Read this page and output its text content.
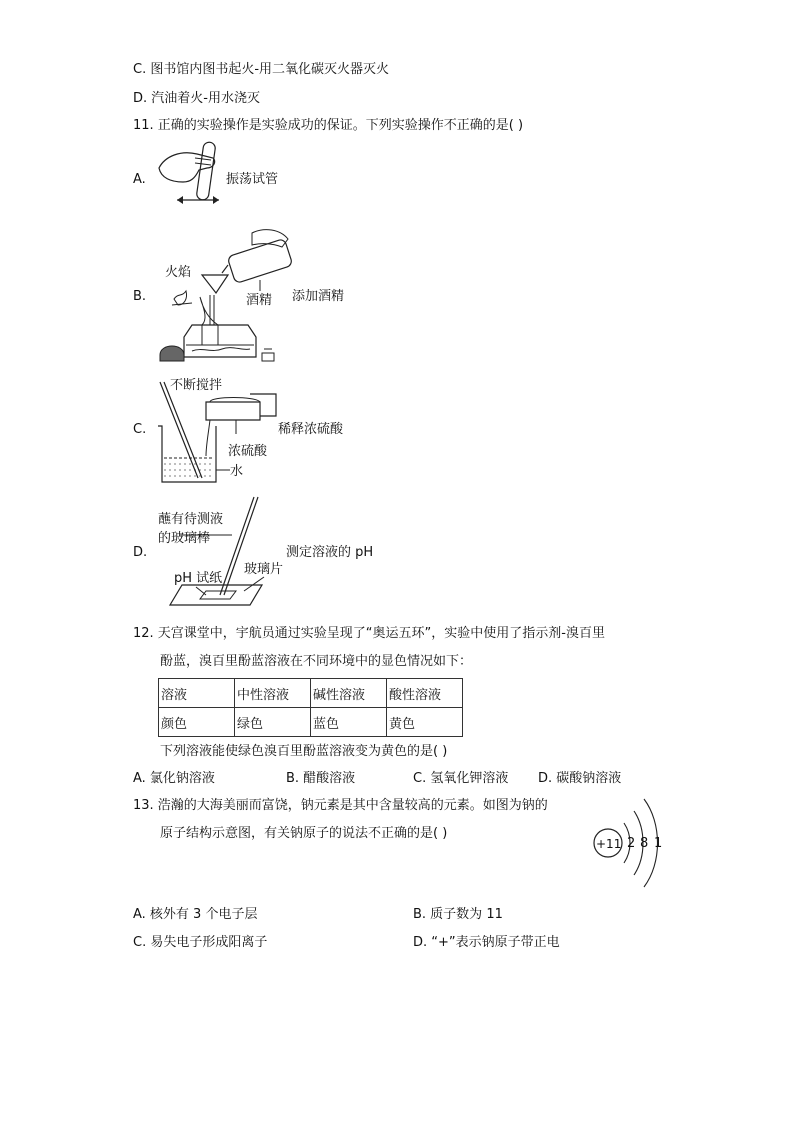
C. 图书馆内图书起火-用二氧化碳灭火器灭火
D. 汽油着火-用水浇灭
11. 正确的实验操作是实验成功的保证。下列实验操作不正确的是( )
A.	振荡试管
B.
火焰
酒精 添加酒精
C.
不断搅拌
稀释浓硫酸
浓硫酸
水
D.
蘸有待测液
的玻璃棒
测定溶液的 pH
pH 试纸
玻璃片
12. 天宫课堂中，宇航员通过实验呈现了“奥运五环”，实验中使用了指示剂-溴百里
酚蓝，溴百里酚蓝溶液在不同环境中的显色情况如下：
溶液	中性溶液	碱性溶液	酸性溶液
颜色	绿色	蓝色	黄色
下列溶液能使绿色溴百里酚蓝溶液变为黄色的是( )
A. 氯化钠溶液	B. 醋酸溶液	C. 氢氧化钾溶液 D. 碳酸钠溶液
13. 浩瀚的大海美丽而富饶，钠元素是其中含量较高的元素。如图为钠的
原子结构示意图，有关钠原子的说法不正确的是( )
+11 2 8 1
A. 核外有 3 个电子层	B. 质子数为 11
C. 易失电子形成阳离子	D. “+”表示钠原子带正电
